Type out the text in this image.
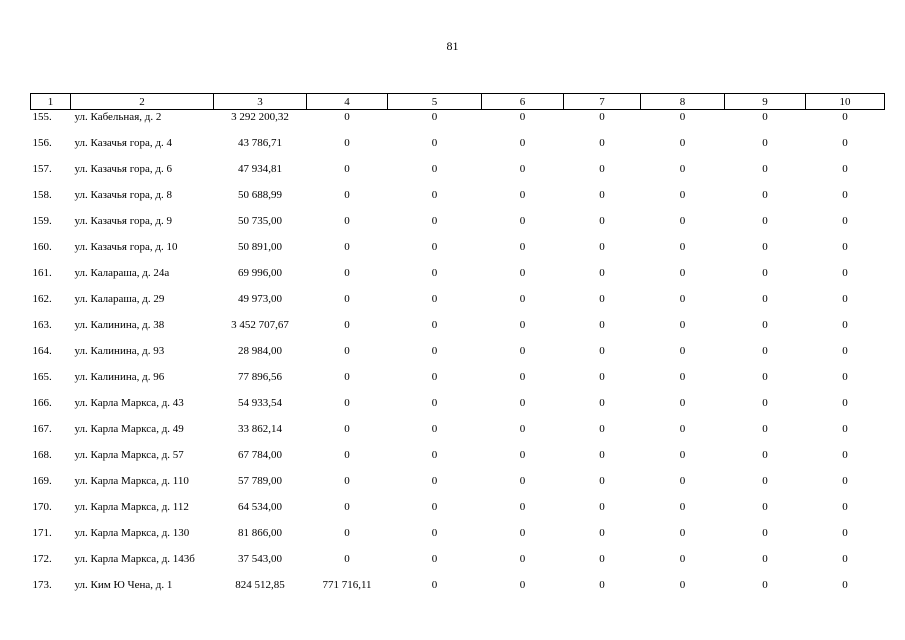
81
1	2	3	4	5	6	7	8	9	10

155.	ул. Кабельная, д. 2	3 292 200,32	0	0	0	0	0	0	0

156.	ул. Казачья гора, д. 4	43 786,71	0	0	0	0	0	0	0

157.	ул. Казачья гора, д. 6	47 934,81	0	0	0	0	0	0	0

158.	ул. Казачья гора, д. 8	50 688,99	0	0	0	0	0	0	0

159.	ул. Казачья гора, д. 9	50 735,00	0	0	0	0	0	0	0

160.	ул. Казачья гора, д. 10	50 891,00	0	0	0	0	0	0	0

161.	ул. Калараша, д. 24а	69 996,00	0	0	0	0	0	0	0

162.	ул. Калараша, д. 29	49 973,00	0	0	0	0	0	0	0

163.	ул. Калинина, д. 38	3 452 707,67	0	0	0	0	0	0	0

164.	ул. Калинина, д. 93	28 984,00	0	0	0	0	0	0	0

165.	ул. Калинина, д. 96	77 896,56	0	0	0	0	0	0	0

166.	ул. Карла Маркса, д. 43	54 933,54	0	0	0	0	0	0	0

167.	ул. Карла Маркса, д. 49	33 862,14	0	0	0	0	0	0	0

168.	ул. Карла Маркса, д. 57	67 784,00	0	0	0	0	0	0	0

169.	ул. Карла Маркса, д. 110	57 789,00	0	0	0	0	0	0	0

170.	ул. Карла Маркса, д. 112	64 534,00	0	0	0	0	0	0	0

171.	ул. Карла Маркса, д. 130	81 866,00	0	0	0	0	0	0	0

172.	ул. Карла Маркса, д. 143б	37 543,00	0	0	0	0	0	0	0

173.	ул. Ким Ю Чена, д. 1	824 512,85	771 716,11	0	0	0	0	0	0
